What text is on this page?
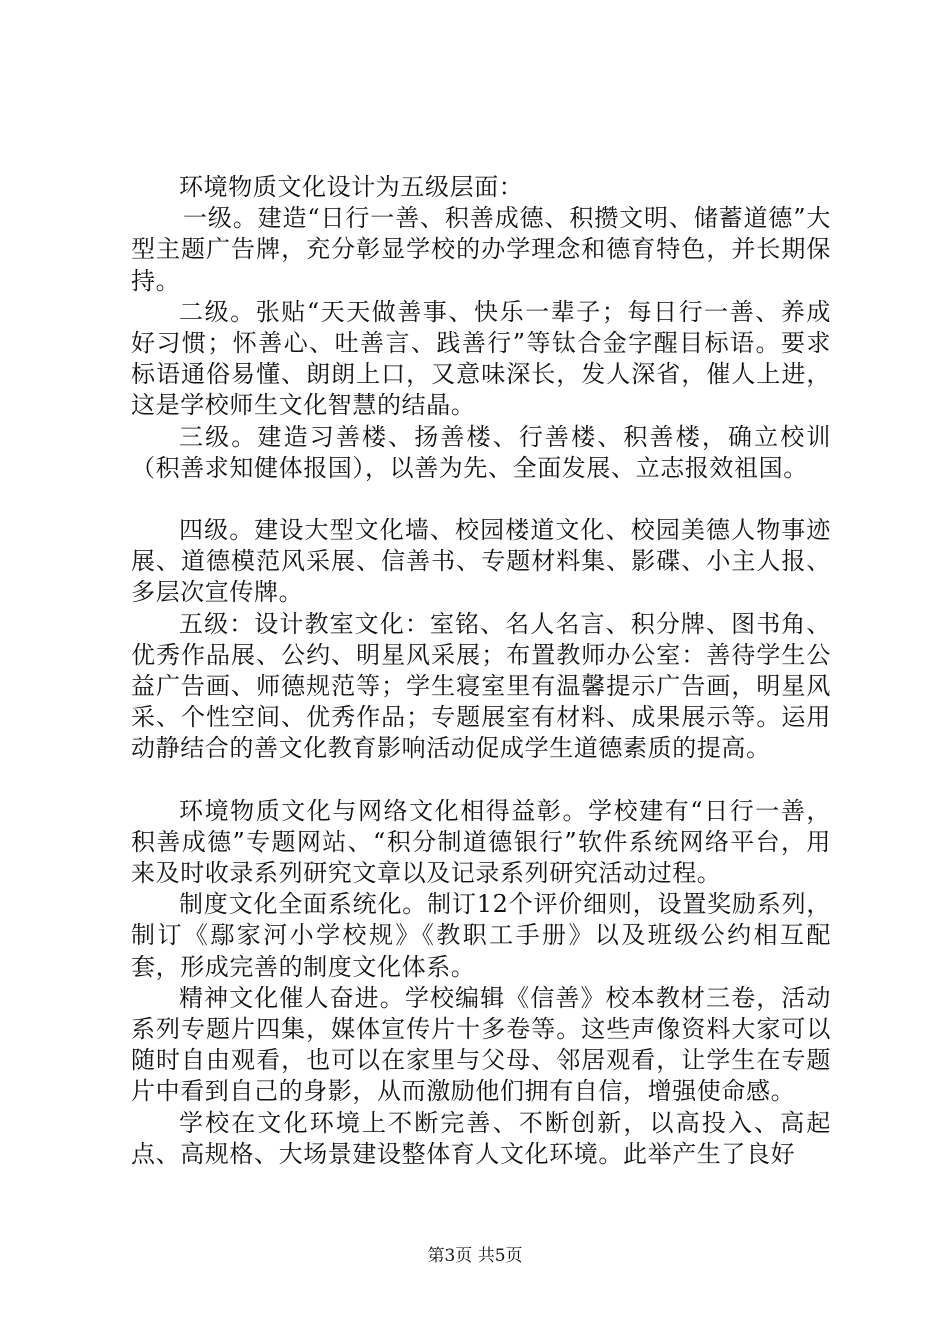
环境物质文化设计为五级层面：

一级。建造“日行一善、积善成德、积攒文明、储蓄道德”大型主题广告牌，充分彰显学校的办学理念和德育特色，并长期保持。

二级。张贴“天天做善事、快乐一辈子；每日行一善、养成好习惯；怀善心、吐善言、践善行”等钛合金字醒目标语。要求标语通俗易懂、朗朗上口，又意味深长，发人深省，催人上进，这是学校师生文化智慧的结晶。

三级。建造习善楼、扬善楼、行善楼、积善楼，确立校训（积善求知健体报国），以善为先、全面发展、立志报效祖国。

四级。建设大型文化墙、校园楼道文化、校园美德人物事迹展、道德模范风采展、信善书、专题材料集、影碟、小主人报、多层次宣传牌。

五级：设计教室文化：室铭、名人名言、积分牌、图书角、优秀作品展、公约、明星风采展；布置教师办公室：善待学生公益广告画、师德规范等；学生寝室里有温馨提示广告画，明星风采、个性空间、优秀作品；专题展室有材料、成果展示等。运用动静结合的善文化教育影响活动促成学生道德素质的提高。

环境物质文化与网络文化相得益彰。学校建有“日行一善，积善成德”专题网站、“积分制道德银行”软件系统网络平台，用来及时收录系列研究文章以及记录系列研究活动过程。

制度文化全面系统化。制订12个评价细则，设置奖励系列，制订《鄢家河小学校规》《教职工手册》以及班级公约相互配套，形成完善的制度文化体系。

精神文化催人奋进。学校编辑《信善》校本教材三卷，活动系列专题片四集，媒体宣传片十多卷等。这些声像资料大家可以随时自由观看，也可以在家里与父母、邻居观看，让学生在专题片中看到自己的身影，从而激励他们拥有自信，增强使命感。

学校在文化环境上不断完善、不断创新，以高投入、高起点、高规格、大场景建设整体育人文化环境。此举产生了良好

第3页 共5页
